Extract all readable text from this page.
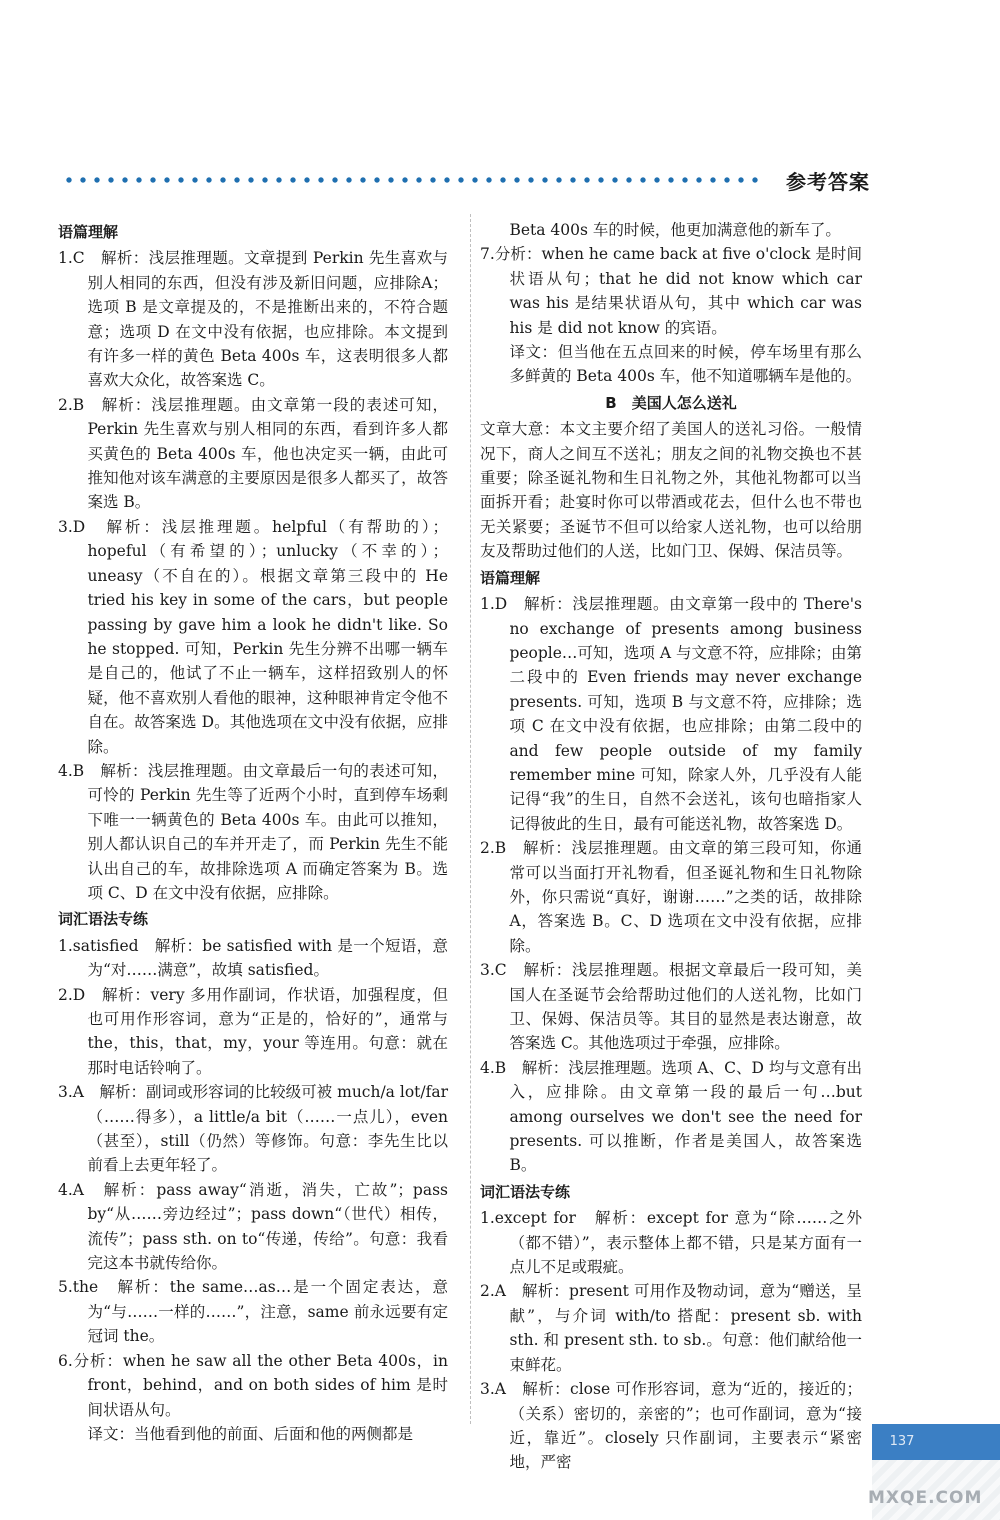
参考答案
语篇理解

1.C　解析：浅层推理题。文章提到 Perkin 先生喜欢与别人相同的东西，但没有涉及新旧问题，应排除A；选项 B 是文章提及的，不是推断出来的，不符合题意；选项 D 在文中没有依据，也应排除。本文提到有许多一样的黄色 Beta 400s 车，这表明很多人都喜欢大众化，故答案选 C。

2.B　解析：浅层推理题。由文章第一段的表述可知，Perkin 先生喜欢与别人相同的东西，看到许多人都买黄色的 Beta 400s 车，他也决定买一辆，由此可推知他对该车满意的主要原因是很多人都买了，故答案选 B。

3.D　解析：浅层推理题。helpful（有帮助的）；hopeful（有希望的）；unlucky（不幸的）；uneasy（不自在的）。根据文章第三段中的 He tried his key in some of the cars，but people passing by gave him a look he didn't like. So he stopped. 可知，Perkin 先生分辨不出哪一辆车是自己的，他试了不止一辆车，这样招致别人的怀疑，他不喜欢别人看他的眼神，这种眼神肯定令他不自在。故答案选 D。其他选项在文中没有依据，应排除。

4.B　解析：浅层推理题。由文章最后一句的表述可知，可怜的 Perkin 先生等了近两个小时，直到停车场剩下唯一一辆黄色的 Beta 400s 车。由此可以推知，别人都认识自己的车并开走了，而 Perkin 先生不能认出自己的车，故排除选项 A 而确定答案为 B。选项 C、D 在文中没有依据，应排除。

词汇语法专练

1.satisfied　解析：be satisfied with 是一个短语，意为“对……满意”，故填 satisfied。

2.D　解析：very 多用作副词，作状语，加强程度，但也可用作形容词，意为“正是的，恰好的”，通常与 the，this，that，my，your 等连用。句意：就在那时电话铃响了。

3.A　解析：副词或形容词的比较级可被 much/a lot/far（……得多），a little/a bit（……一点儿），even（甚至），still（仍然）等修饰。句意：李先生比以前看上去更年轻了。

4.A　解析：pass away“消逝，消失，亡故”；pass by“从……旁边经过”；pass down“（世代）相传，流传”；pass sth. on to“传递，传给”。句意：我看完这本书就传给你。

5.the　解析：the same…as…是一个固定表达，意为“与……一样的……”，注意，same 前永远要有定冠词 the。

6.分析：when he saw all the other Beta 400s，in front，behind，and on both sides of him 是时间状语从句。

译文：当他看到他的前面、后面和他的两侧都是

Beta 400s 车的时候，他更加满意他的新车了。

7.分析：when he came back at five o'clock 是时间状语从句；that he did not know which car was his 是结果状语从句，其中 which car was his 是 did not know 的宾语。

译文：但当他在五点回来的时候，停车场里有那么多鲜黄的 Beta 400s 车，他不知道哪辆车是他的。

B　美国人怎么送礼

文章大意：本文主要介绍了美国人的送礼习俗。一般情况下，商人之间互不送礼；朋友之间的礼物交换也不甚重要；除圣诞礼物和生日礼物之外，其他礼物都可以当面拆开看；赴宴时你可以带酒或花去，但什么也不带也无关紧要；圣诞节不但可以给家人送礼物，也可以给朋友及帮助过他们的人送，比如门卫、保姆、保洁员等。

语篇理解

1.D　解析：浅层推理题。由文章第一段中的 There's no exchange of presents among business people…可知，选项 A 与文意不符，应排除；由第二段中的 Even friends may never exchange presents. 可知，选项 B 与文意不符，应排除；选项 C 在文中没有依据，也应排除；由第二段中的 and few people outside of my family remember mine 可知，除家人外，几乎没有人能记得“我”的生日，自然不会送礼，该句也暗指家人记得彼此的生日，最有可能送礼物，故答案选 D。

2.B　解析：浅层推理题。由文章的第三段可知，你通常可以当面打开礼物看，但圣诞礼物和生日礼物除外，你只需说“真好，谢谢……”之类的话，故排除 A，答案选 B。C、D 选项在文中没有依据，应排除。

3.C　解析：浅层推理题。根据文章最后一段可知，美国人在圣诞节会给帮助过他们的人送礼物，比如门卫、保姆、保洁员等。其目的显然是表达谢意，故答案选 C。其他选项过于牵强，应排除。

4.B　解析：浅层推理题。选项 A、C、D 均与文意有出入，应排除。由文章第一段的最后一句…but among ourselves we don't see the need for presents. 可以推断，作者是美国人，故答案选 B。

词汇语法专练

1.except for　解析：except for 意为“除……之外（都不错）”，表示整体上都不错，只是某方面有一点儿不足或瑕疵。

2.A　解析：present 可用作及物动词，意为“赠送，呈献”，与介词 with/to 搭配：present sb. with sth. 和 present sth. to sb.。句意：他们献给他一束鲜花。

3.A　解析：close 可作形容词，意为“近的，接近的；（关系）密切的，亲密的”；也可作副词，意为“接近，靠近”。closely 只作副词，主要表示“紧密地，严密

137
MXQE.COM
